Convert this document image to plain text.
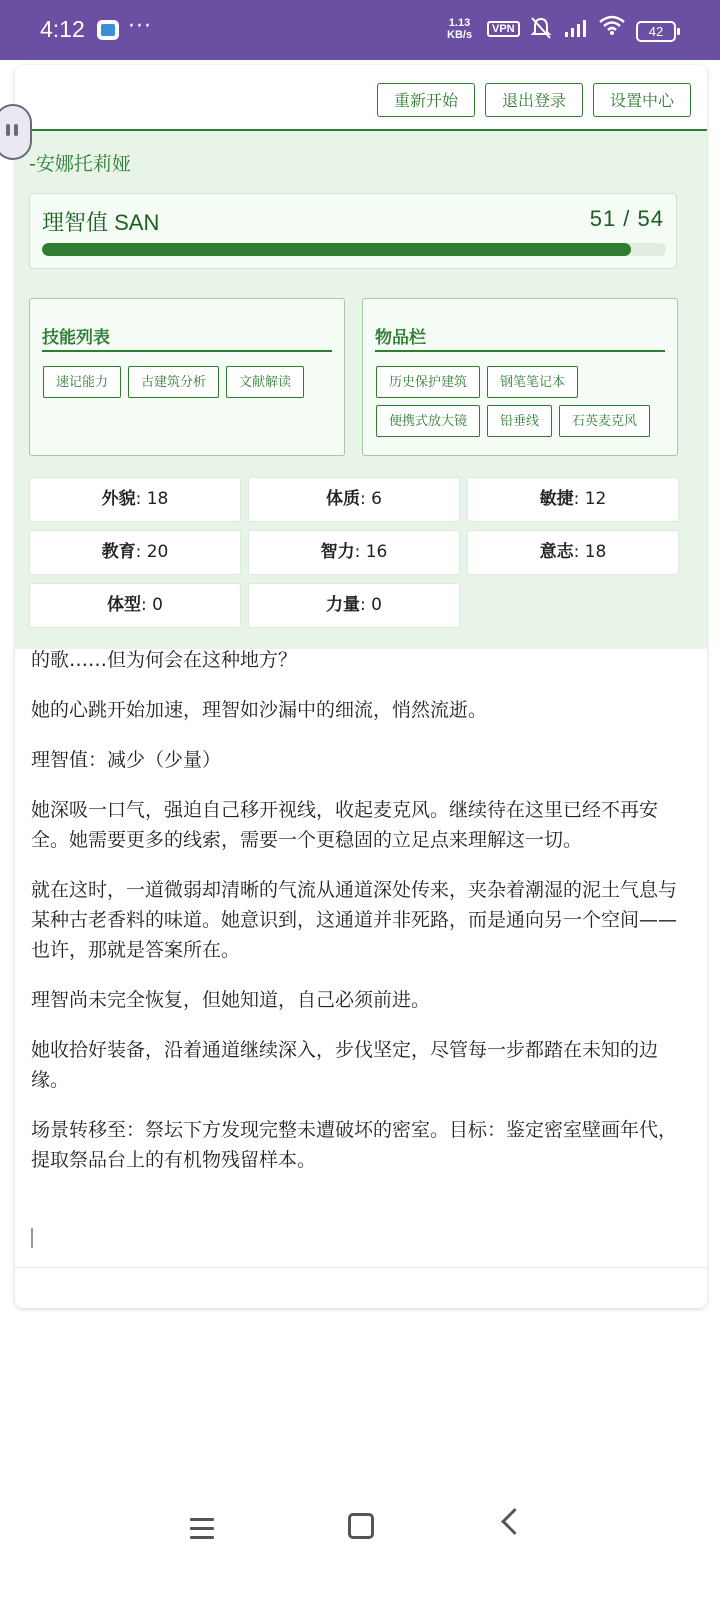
4:12 ···	1.13
KB/s	VPN	42
重新开始	退出登录	设置中心

的歌……但为何会在这种地方？

她的心跳开始加速，理智如沙漏中的细流，悄然流逝。

理智值：减少（少量）

她深吸一口气，强迫自己移开视线，收起麦克风。继续待在这里已经不再安全。她需要更多的线索，需要一个更稳固的立足点来理解这一切。

就在这时，一道微弱却清晰的气流从通道深处传来，夹杂着潮湿的泥土气息与某种古老香料的味道。她意识到，这通道并非死路，而是通向另一个空间——也许，那就是答案所在。

理智尚未完全恢复，但她知道，自己必须前进。

她收拾好装备，沿着通道继续深入，步伐坚定，尽管每一步都踏在未知的边缘。

场景转移至：祭坛下方发现完整未遭破坏的密室。目标：鉴定密室壁画年代，提取祭品台上的有机物残留样本。

-安娜托莉娅
理智值 SAN	51 / 54
技能列表
速记能力	古建筑分析	文献解读
物品栏
历史保护建筑	钢笔笔记本
便携式放大镜	铅垂线	石英麦克风
外貌: 18	体质: 6	敏捷: 12
教育: 20	智力: 16	意志: 18
体型: 0	力量: 0
